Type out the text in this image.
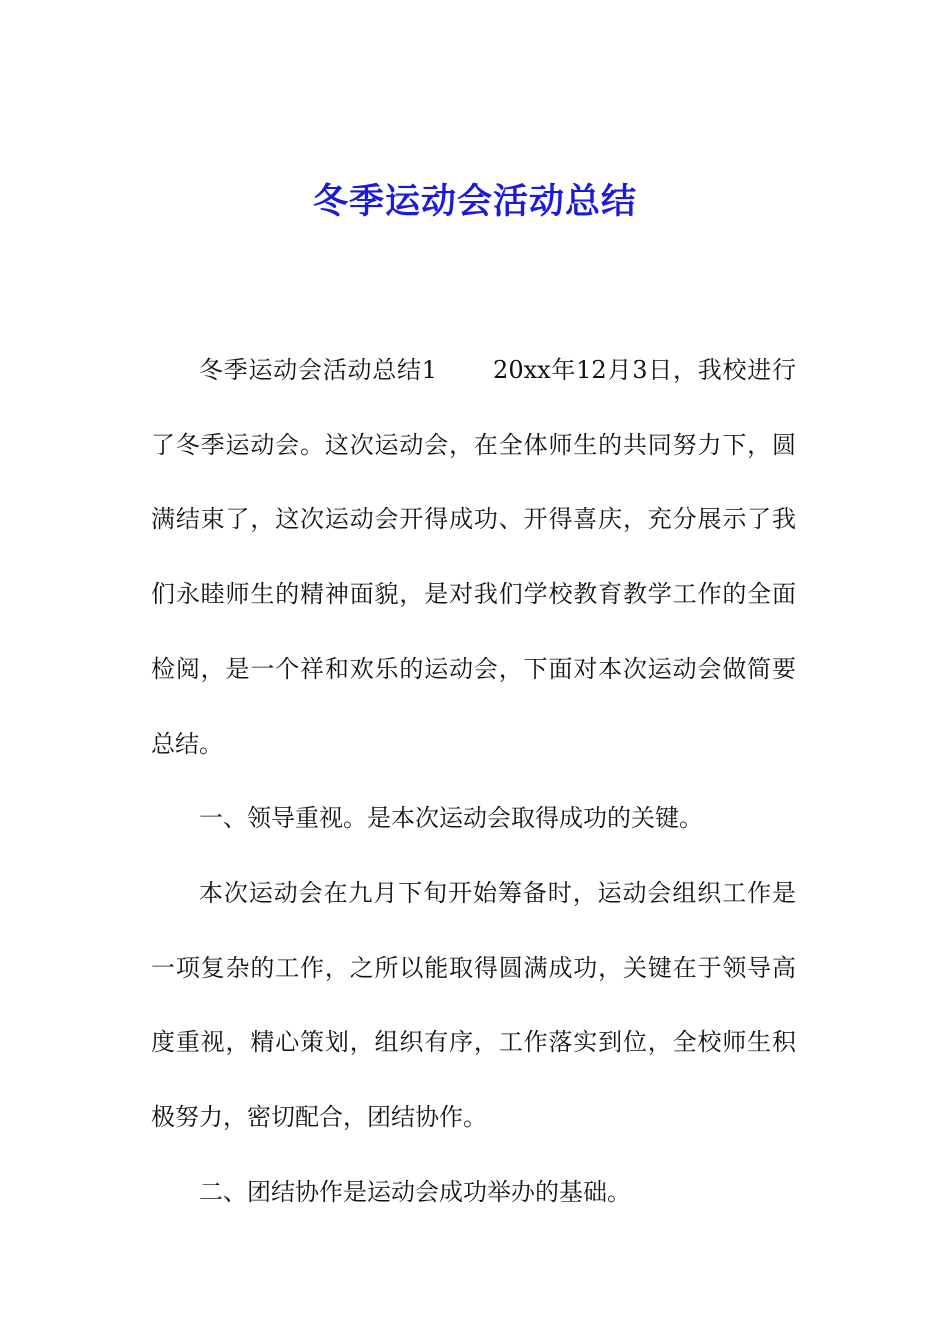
冬季运动会活动总结

冬季运动会活动总结1 20xx年12月3日，我校进行了冬季运动会。这次运动会，在全体师生的共同努力下，圆满结束了，这次运动会开得成功、开得喜庆，充分展示了我们永睦师生的精神面貌，是对我们学校教育教学工作的全面检阅，是一个祥和欢乐的运动会，下面对本次运动会做简要总结。

一、领导重视。是本次运动会取得成功的关键。

本次运动会在九月下旬开始筹备时，运动会组织工作是一项复杂的工作，之所以能取得圆满成功，关键在于领导高度重视，精心策划，组织有序，工作落实到位，全校师生积极努力，密切配合，团结协作。

二、团结协作是运动会成功举办的基础。
